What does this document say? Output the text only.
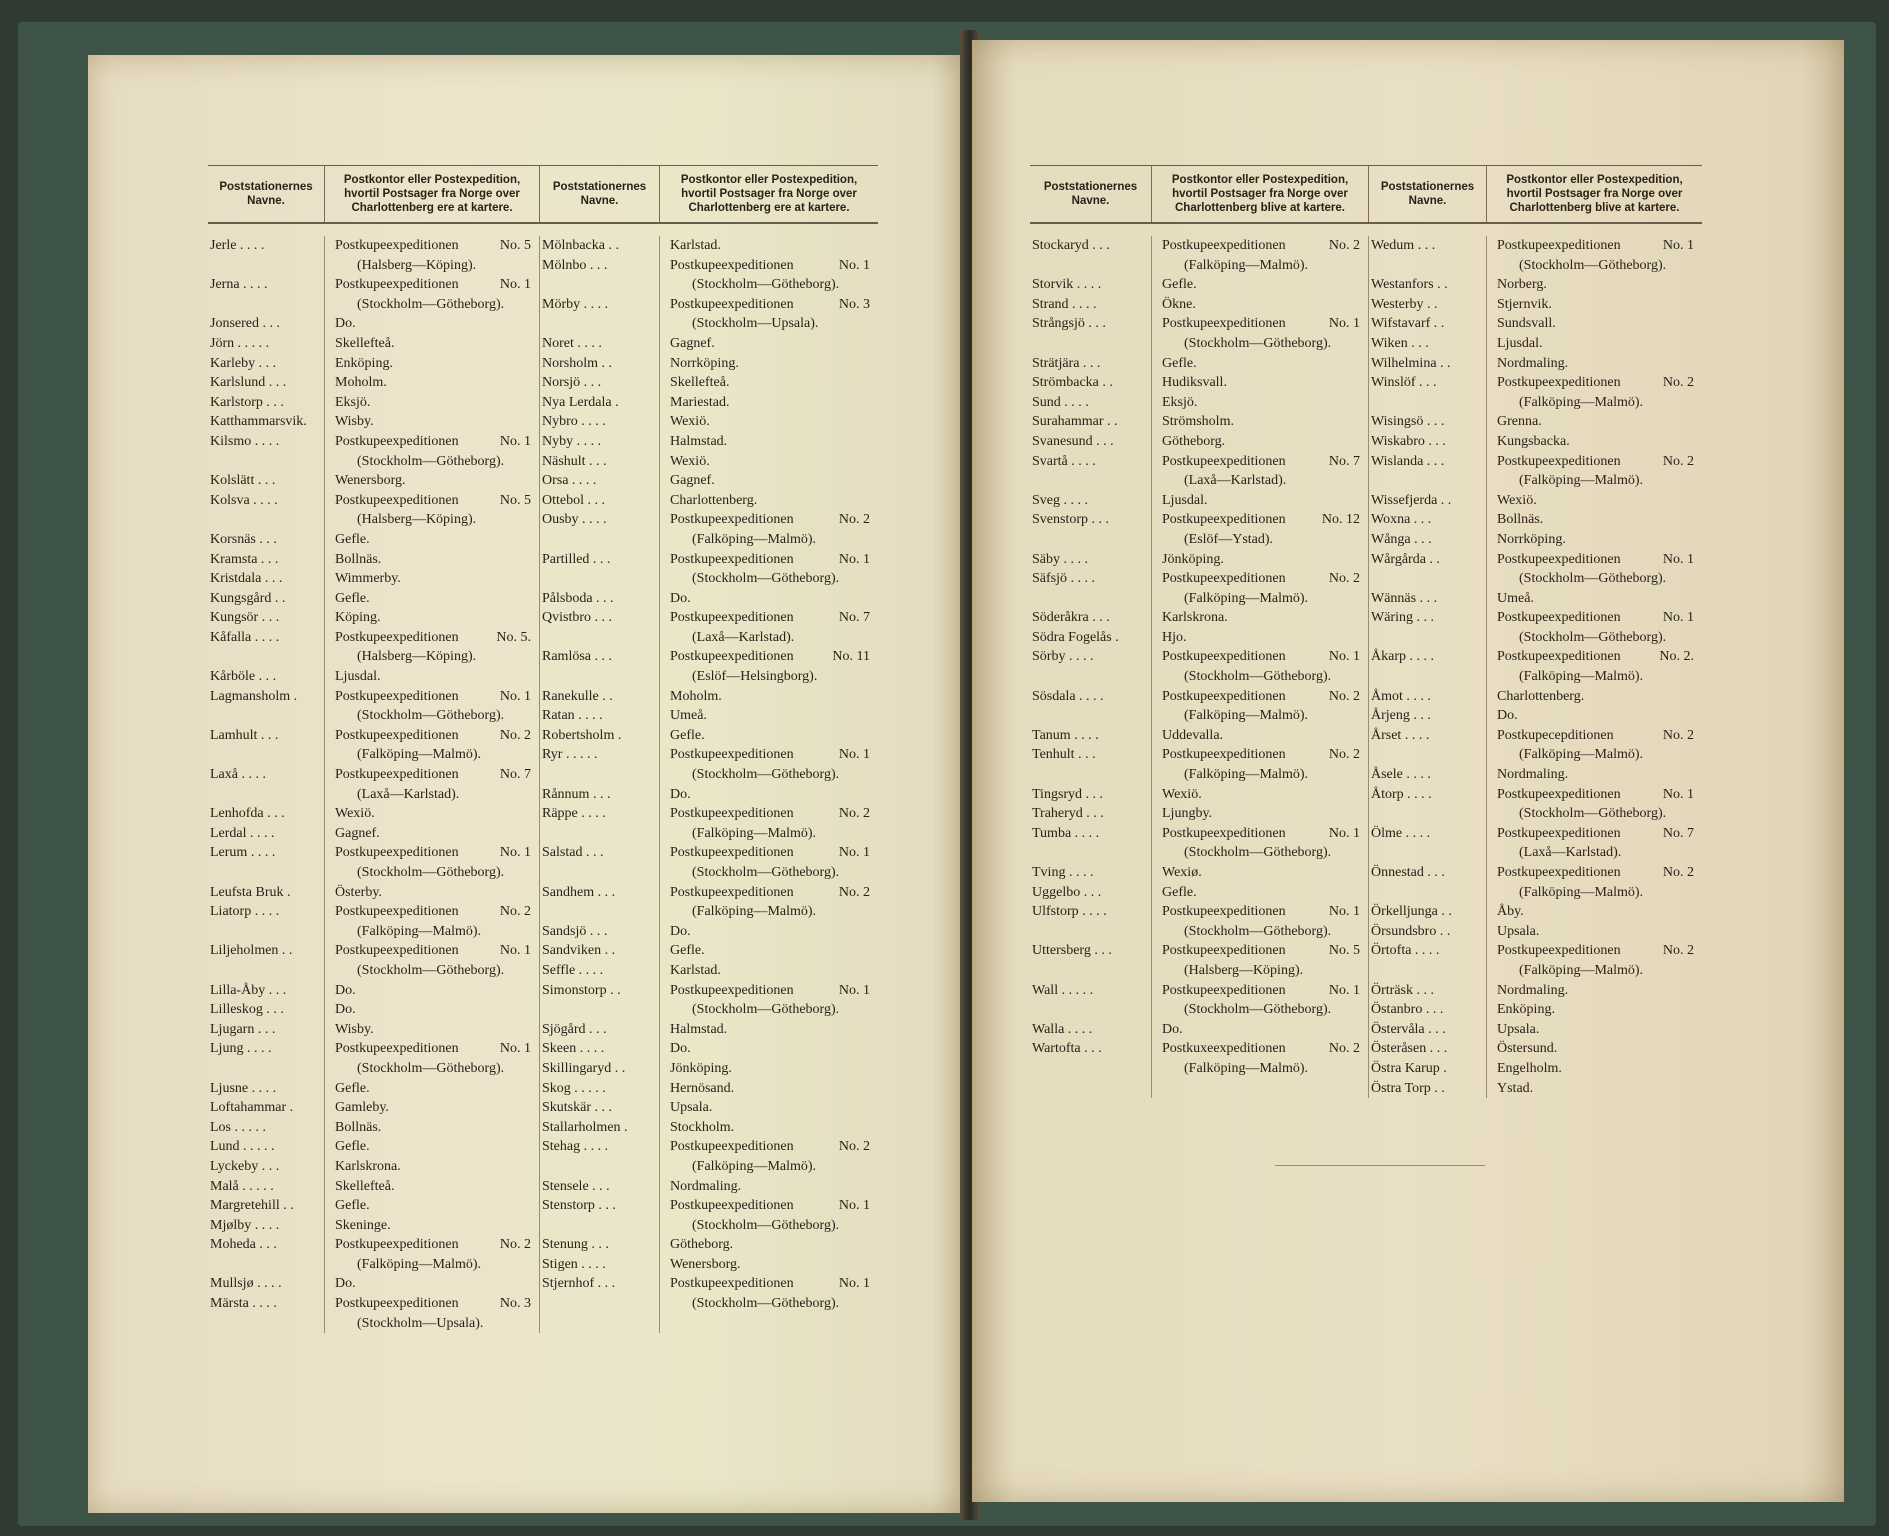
Poststationernes Navne.
Postkontor eller Postexpedition, hvortil Postsager fra Norge over Charlottenberg ere at kartere.
Poststationernes Navne.
Postkontor eller Postexpedition, hvortil Postsager fra Norge over Charlottenberg ere at kartere.
Jerle . . . .
Jerna . . . .
Jonsered . . .
Jörn . . . . .
Karleby . . .
Karlslund . . .
Karlstorp . . .
Katthammarsvik.
Kilsmo . . . .
Kolslätt . . .
Kolsva . . . .
Korsnäs . . .
Kramsta . . .
Kristdala . . .
Kungsgård . .
Kungsör . . .
Kåfalla . . . .
Kårböle . . .
Lagmansholm .
Lamhult . . .
Laxå . . . .
Lenhofda . . .
Lerdal . . . .
Lerum . . . .
Leufsta Bruk .
Liatorp . . . .
Liljeholmen . .
Lilla-Åby . . .
Lilleskog . . .
Ljugarn . . .
Ljung . . . .
Ljusne . . . .
Loftahammar .
Los . . . . .
Lund . . . . .
Lyckeby . . .
Malå . . . . .
Margretehill . .
Mjølby . . . .
Moheda . . .
Mullsjø . . . .
Märsta . . . .
No. 5
Postkupeexpeditionen
(Halsberg—Köping).
No. 1
Postkupeexpeditionen
(Stockholm—Götheborg).
Do.
Skellefteå.
Enköping.
Moholm.
Eksjö.
Wisby.
No. 1
Postkupeexpeditionen
(Stockholm—Götheborg).
Wenersborg.
No. 5
Postkupeexpeditionen
(Halsberg—Köping).
Gefle.
Bollnäs.
Wimmerby.
Gefle.
Köping.
No. 5.
Postkupeexpeditionen
(Halsberg—Köping).
Ljusdal.
No. 1
Postkupeexpeditionen
(Stockholm—Götheborg).
No. 2
Postkupeexpeditionen
(Falköping—Malmö).
No. 7
Postkupeexpeditionen
(Laxå—Karlstad).
Wexiö.
Gagnef.
No. 1
Postkupeexpeditionen
(Stockholm—Götheborg).
Österby.
No. 2
Postkupeexpeditionen
(Falköping—Malmö).
No. 1
Postkupeexpeditionen
(Stockholm—Götheborg).
Do.
Do.
Wisby.
No. 1
Postkupeexpeditionen
(Stockholm—Götheborg).
Gefle.
Gamleby.
Bollnäs.
Gefle.
Karlskrona.
Skellefteå.
Gefle.
Skeninge.
No. 2
Postkupeexpeditionen
(Falköping—Malmö).
Do.
No. 3
Postkupeexpeditionen
(Stockholm—Upsala).
Mölnbacka . .
Mölnbo . . .
Mörby . . . .
Noret . . . .
Norsholm . .
Norsjö . . .
Nya Lerdala .
Nybro . . . .
Nyby . . . .
Näshult . . .
Orsa . . . .
Ottebol . . .
Ousby . . . .
Partilled . . .
Pålsboda . . .
Qvistbro . . .
Ramlösa . . .
Ranekulle . .
Ratan . . . .
Robertsholm .
Ryr . . . . .
Rånnum . . .
Räppe . . . .
Salstad . . .
Sandhem . . .
Sandsjö . . .
Sandviken . .
Seffle . . . .
Simonstorp . .
Sjögård . . .
Skeen . . . .
Skillingaryd . .
Skog . . . . .
Skutskär . . .
Stallarholmen .
Stehag . . . .
Stensele . . .
Stenstorp . . .
Stenung . . .
Stigen . . . .
Stjernhof . . .
Karlstad.
No. 1
Postkupeexpeditionen
(Stockholm—Götheborg).
No. 3
Postkupeexpeditionen
(Stockholm—Upsala).
Gagnef.
Norrköping.
Skellefteå.
Mariestad.
Wexiö.
Halmstad.
Wexiö.
Gagnef.
Charlottenberg.
No. 2
Postkupeexpeditionen
(Falköping—Malmö).
No. 1
Postkupeexpeditionen
(Stockholm—Götheborg).
Do.
No. 7
Postkupeexpeditionen
(Laxå—Karlstad).
No. 11
Postkupeexpeditionen
(Eslöf—Helsingborg).
Moholm.
Umeå.
Gefle.
No. 1
Postkupeexpeditionen
(Stockholm—Götheborg).
Do.
No. 2
Postkupeexpeditionen
(Falköping—Malmö).
No. 1
Postkupeexpeditionen
(Stockholm—Götheborg).
No. 2
Postkupeexpeditionen
(Falköping—Malmö).
Do.
Gefle.
Karlstad.
No. 1
Postkupeexpeditionen
(Stockholm—Götheborg).
Halmstad.
Do.
Jönköping.
Hernösand.
Upsala.
Stockholm.
No. 2
Postkupeexpeditionen
(Falköping—Malmö).
Nordmaling.
No. 1
Postkupeexpeditionen
(Stockholm—Götheborg).
Götheborg.
Wenersborg.
No. 1
Postkupeexpeditionen
(Stockholm—Götheborg).
Poststationernes Navne.
Postkontor eller Postexpedition, hvortil Postsager fra Norge over Charlottenberg blive at kartere.
Poststationernes Navne.
Postkontor eller Postexpedition, hvortil Postsager fra Norge over Charlottenberg blive at kartere.
Stockaryd . . .
Storvik . . . .
Strand . . . .
Strångsjö . . .
Strätjära . . .
Strömbacka . .
Sund . . . .
Surahammar . .
Svanesund . . .
Svartå . . . .
Sveg . . . .
Svenstorp . . .
Säby . . . .
Säfsjö . . . .
Söderåkra . . .
Södra Fogelås .
Sörby . . . .
Sösdala . . . .
Tanum . . . .
Tenhult . . .
Tingsryd . . .
Traheryd . . .
Tumba . . . .
Tving . . . .
Uggelbo . . .
Ulfstorp . . . .
Uttersberg . . .
Wall . . . . .
Walla . . . .
Wartofta . . .
No. 2
Postkupeexpeditionen
(Falköping—Malmö).
Gefle.
Ökne.
No. 1
Postkupeexpeditionen
(Stockholm—Götheborg).
Gefle.
Hudiksvall.
Eksjö.
Strömsholm.
Götheborg.
No. 7
Postkupeexpeditionen
(Laxå—Karlstad).
Ljusdal.
No. 12
Postkupeexpeditionen
(Eslöf—Ystad).
Jönköping.
No. 2
Postkupeexpeditionen
(Falköping—Malmö).
Karlskrona.
Hjo.
No. 1
Postkupeexpeditionen
(Stockholm—Götheborg).
No. 2
Postkupeexpeditionen
(Falköping—Malmö).
Uddevalla.
No. 2
Postkupeexpeditionen
(Falköping—Malmö).
Wexiö.
Ljungby.
No. 1
Postkupeexpeditionen
(Stockholm—Götheborg).
Wexiø.
Gefle.
No. 1
Postkupeexpeditionen
(Stockholm—Götheborg).
No. 5
Postkupeexpeditionen
(Halsberg—Köping).
No. 1
Postkupeexpeditionen
(Stockholm—Götheborg).
Do.
No. 2
Postkuxeexpeditionen
(Falköping—Malmö).
Wedum . . .
Westanfors . .
Westerby . .
Wifstavarf . .
Wiken . . .
Wilhelmina . .
Winslöf . . .
Wisingsö . . .
Wiskabro . . .
Wislanda . . .
Wissefjerda . .
Woxna . . .
Wånga . . .
Wårgårda . .
Wännäs . . .
Wäring . . .
Åkarp . . . .
Åmot . . . .
Årjeng . . .
Årset . . . .
Åsele . . . .
Åtorp . . . .
Ölme . . . .
Önnestad . . .
Örkelljunga . .
Örsundsbro . .
Örtofta . . . .
Örträsk . . .
Östanbro . . .
Östervåla . . .
Österåsen . . .
Östra Karup .
Östra Torp . .
No. 1
Postkupeexpeditionen
(Stockholm—Götheborg).
Norberg.
Stjernvik.
Sundsvall.
Ljusdal.
Nordmaling.
No. 2
Postkupeexpeditionen
(Falköping—Malmö).
Grenna.
Kungsbacka.
No. 2
Postkupeexpeditionen
(Falköping—Malmö).
Wexiö.
Bollnäs.
Norrköping.
No. 1
Postkupeexpeditionen
(Stockholm—Götheborg).
Umeå.
No. 1
Postkupeexpeditionen
(Stockholm—Götheborg).
No. 2.
Postkupeexpeditionen
(Falköping—Malmö).
Charlottenberg.
Do.
No. 2
Postkupecepditionen
(Falköping—Malmö).
Nordmaling.
No. 1
Postkupeexpeditionen
(Stockholm—Götheborg).
No. 7
Postkupeexpeditionen
(Laxå—Karlstad).
No. 2
Postkupeexpeditionen
(Falköping—Malmö).
Åby.
Upsala.
No. 2
Postkupeexpeditionen
(Falköping—Malmö).
Nordmaling.
Enköping.
Upsala.
Östersund.
Engelholm.
Ystad.
